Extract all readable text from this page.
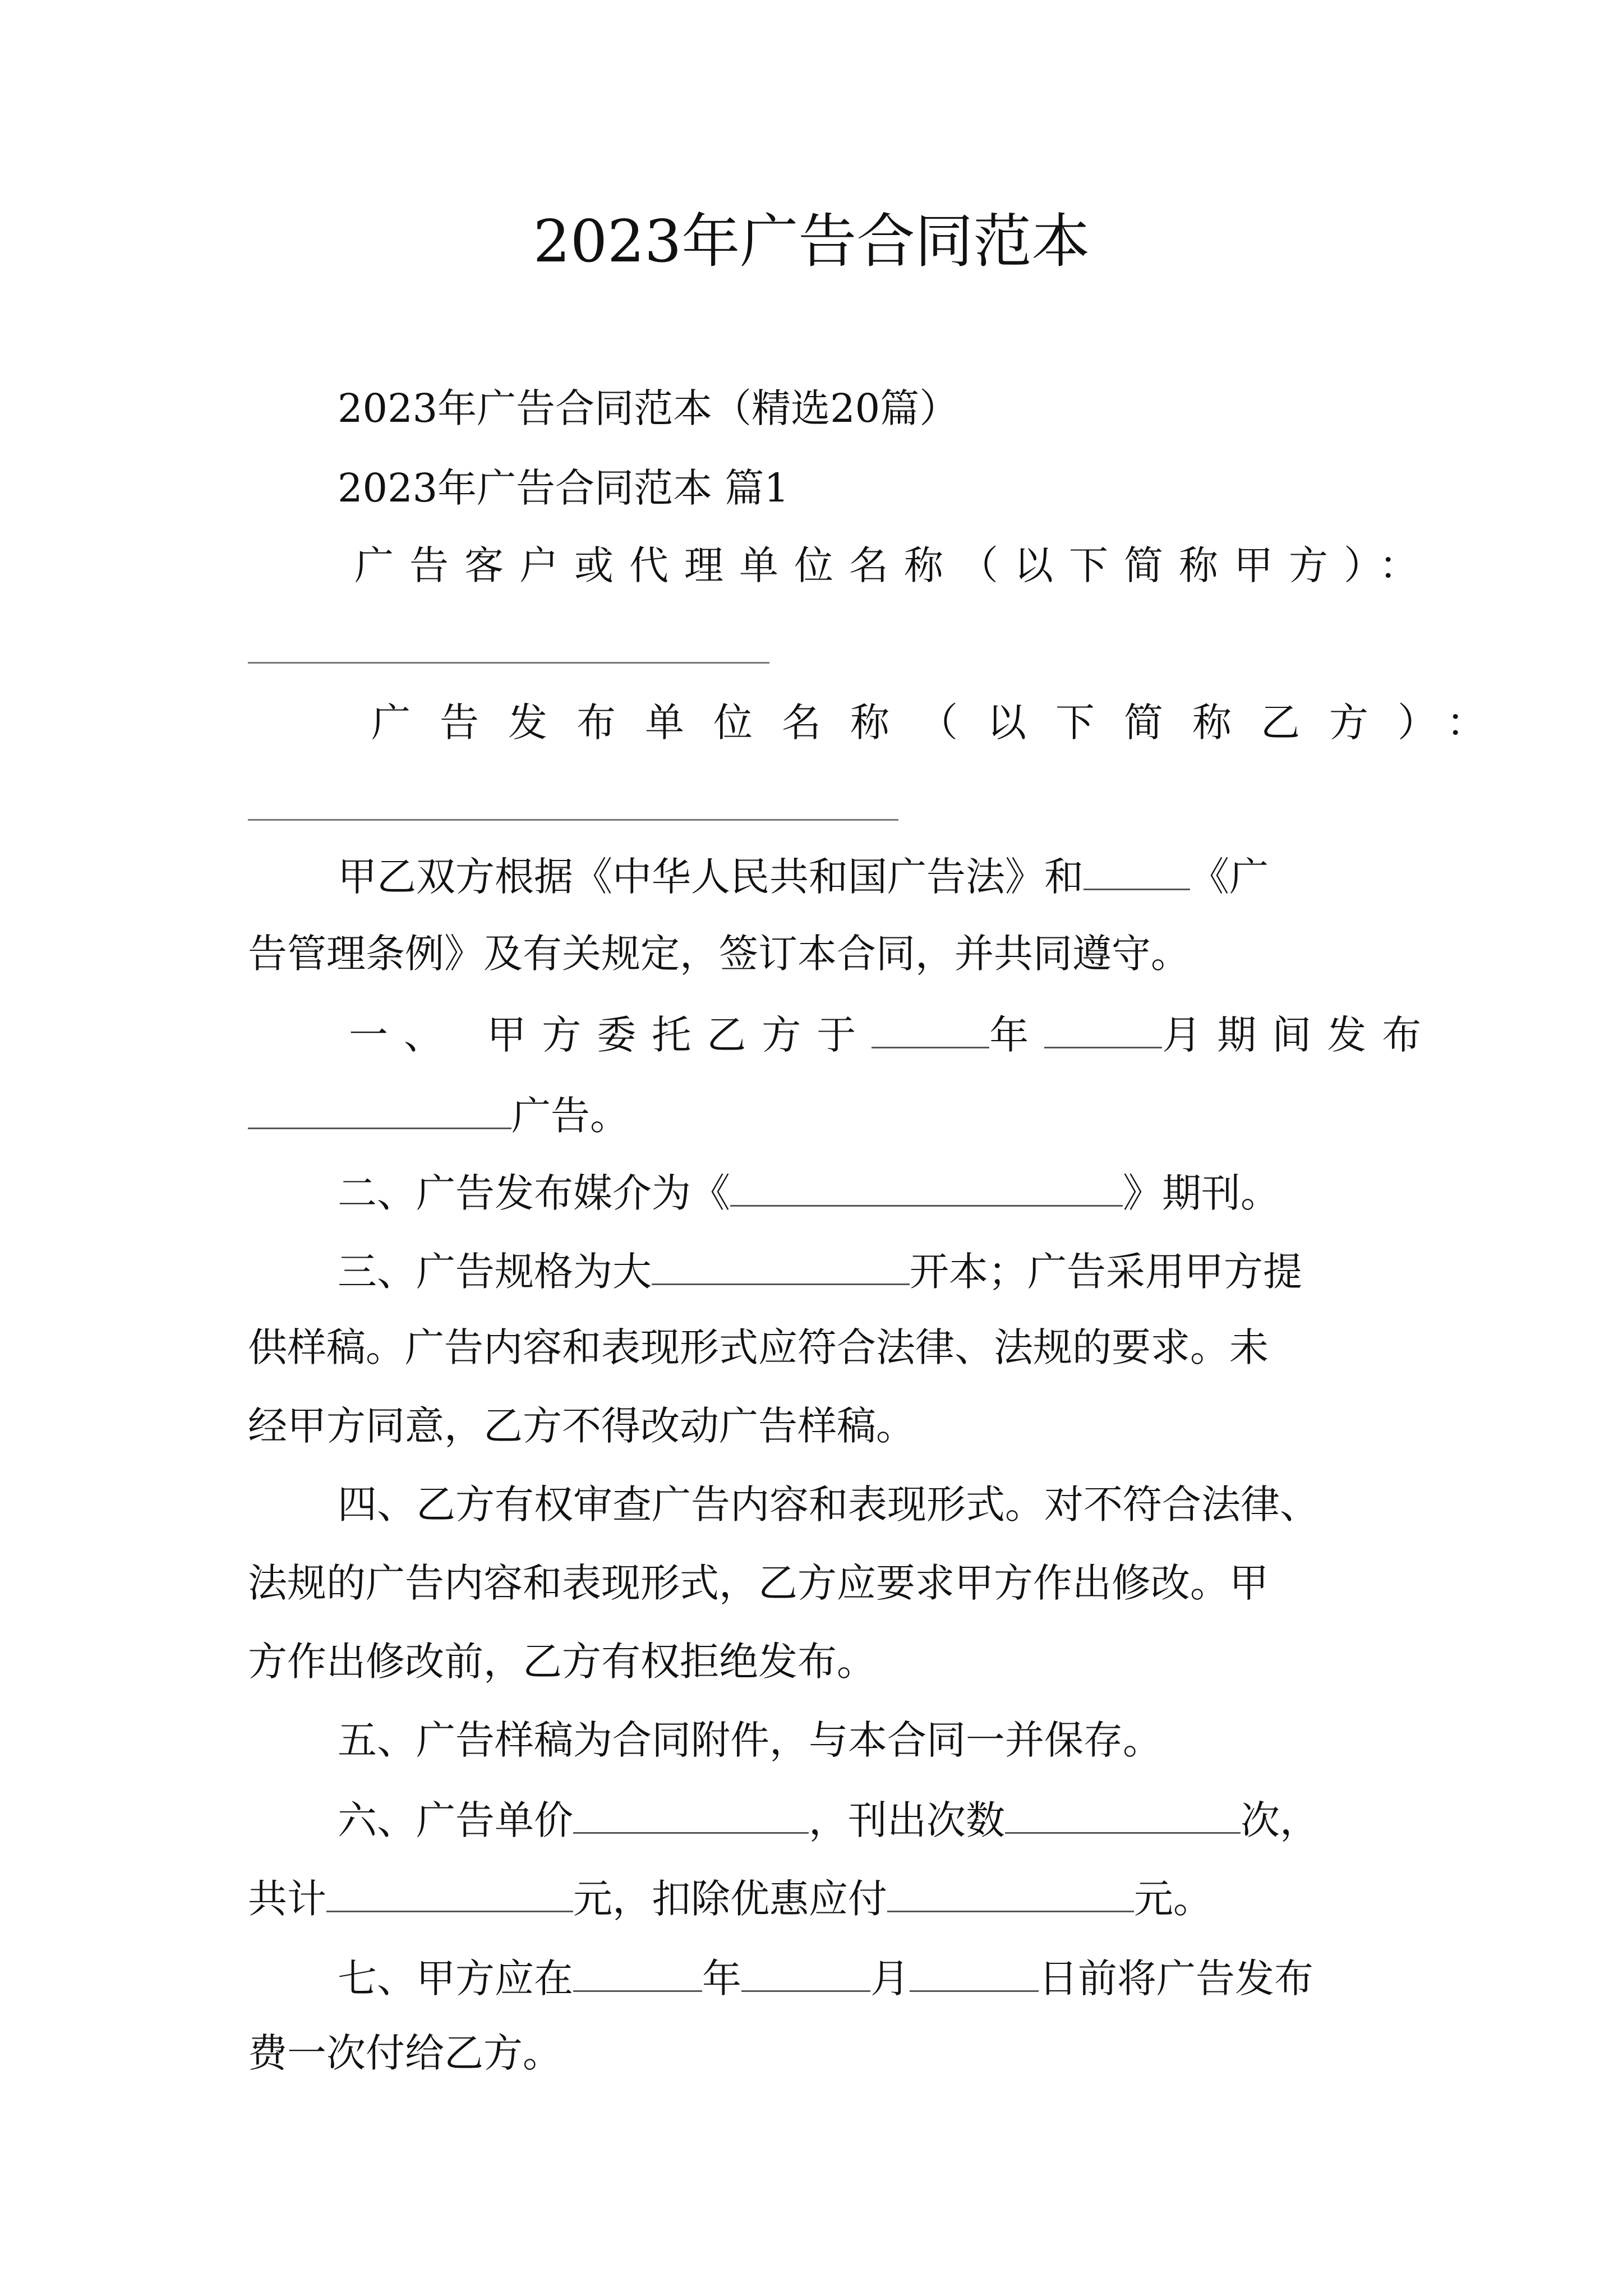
2023年广告合同范本

2023年广告合同范本（精选20篇）

2023年广告合同范本 篇1

广告客户或代理单位名称（以下简称甲方）：

广告发布单位名称（以下简称乙方）：

甲乙双方根据《中华人民共和国广告法》和	《广

告管理条例》及有关规定，签订本合同，并共同遵守。

一、 甲方委托乙方于	年	月期间发布

广告。

二、广告发布媒介为《	》期刊。

三、广告规格为大	开本；广告采用甲方提

供样稿。广告内容和表现形式应符合法律、法规的要求。未

经甲方同意，乙方不得改动广告样稿。

四、乙方有权审查广告内容和表现形式。对不符合法律、

法规的广告内容和表现形式，乙方应要求甲方作出修改。甲

方作出修改前，乙方有权拒绝发布。

五、广告样稿为合同附件，与本合同一并保存。

六、广告单价	，刊出次数	次，

共计	元，扣除优惠应付	元。

七、甲方应在	年	月	日前将广告发布

费一次付给乙方。
